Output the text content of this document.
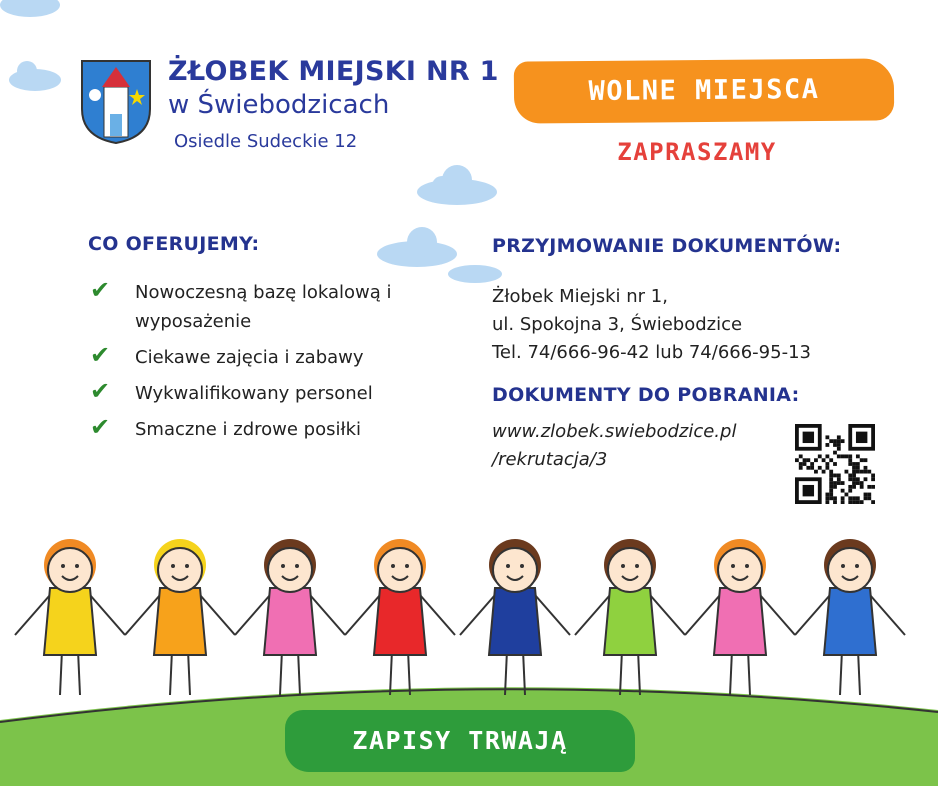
ŻŁOBEK MIEJSKI NR 1
w Świebodzicach
Osiedle Sudeckie 12
WOLNE MIEJSCA
ZAPRASZAMY
CO OFERUJEMY:
✔ Nowoczesną bazę lokalową i
wyposażenie
✔ Ciekawe zajęcia i zabawy
✔ Wykwalifikowany personel
✔ Smaczne i zdrowe posiłki
PRZYJMOWANIE DOKUMENTÓW:
Żłobek Miejski nr 1,
ul. Spokojna 3, Świebodzice
Tel. 74/666-96-42 lub 74/666-95-13
DOKUMENTY DO POBRANIA:
www.zlobek.swiebodzice.pl
/rekrutacja/3
ZAPISY TRWAJĄ
